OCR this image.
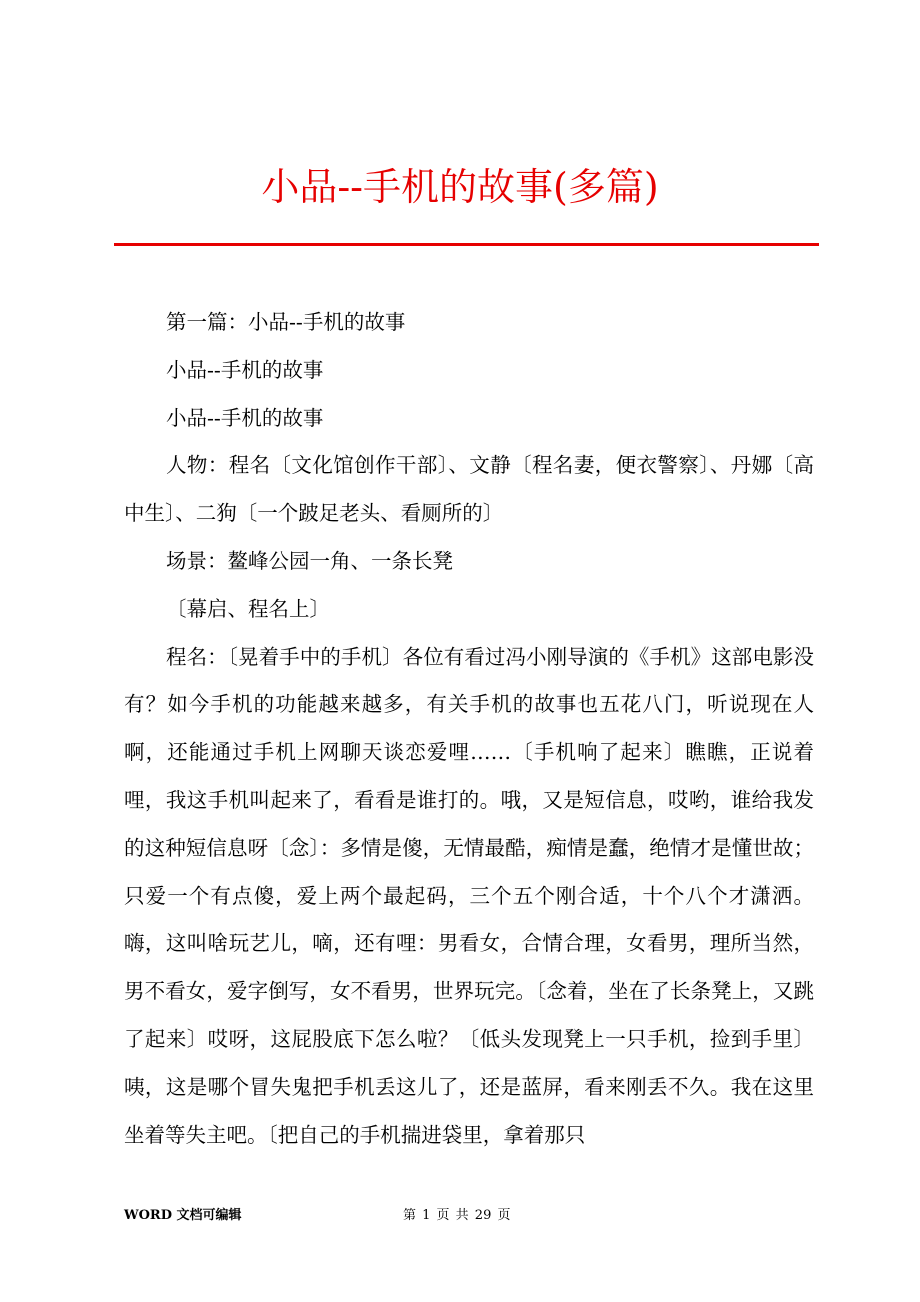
小品--手机的故事(多篇)

第一篇：小品--手机的故事

小品--手机的故事

小品--手机的故事

人物：程名〔文化馆创作干部〕、文静〔程名妻，便衣警察〕、丹娜〔高中生〕、二狗〔一个跛足老头、看厕所的〕

场景：鳌峰公园一角、一条长凳

〔幕启、程名上〕

程名：〔晃着手中的手机〕各位有看过冯小刚导演的《手机》这部电影没有？如今手机的功能越来越多，有关手机的故事也五花八门，听说现在人啊，还能通过手机上网聊天谈恋爱哩……〔手机响了起来〕瞧瞧，正说着哩，我这手机叫起来了，看看是谁打的。哦，又是短信息，哎哟，谁给我发的这种短信息呀〔念〕：多情是傻，无情最酷，痴情是蠢，绝情才是懂世故；只爱一个有点傻，爱上两个最起码，三个五个刚合适，十个八个才潇洒。嗨，这叫啥玩艺儿，嘀，还有哩：男看女，合情合理，女看男，理所当然，男不看女，爱字倒写，女不看男，世界玩完。〔念着，坐在了长条凳上，又跳了起来〕哎呀，这屁股底下怎么啦？〔低头发现凳上一只手机，捡到手里〕咦，这是哪个冒失鬼把手机丢这儿了，还是蓝屏，看来刚丢不久。我在这里坐着等失主吧。〔把自己的手机揣进袋里，拿着那只

WORD 文档可编辑	第 1 页 共 29 页
